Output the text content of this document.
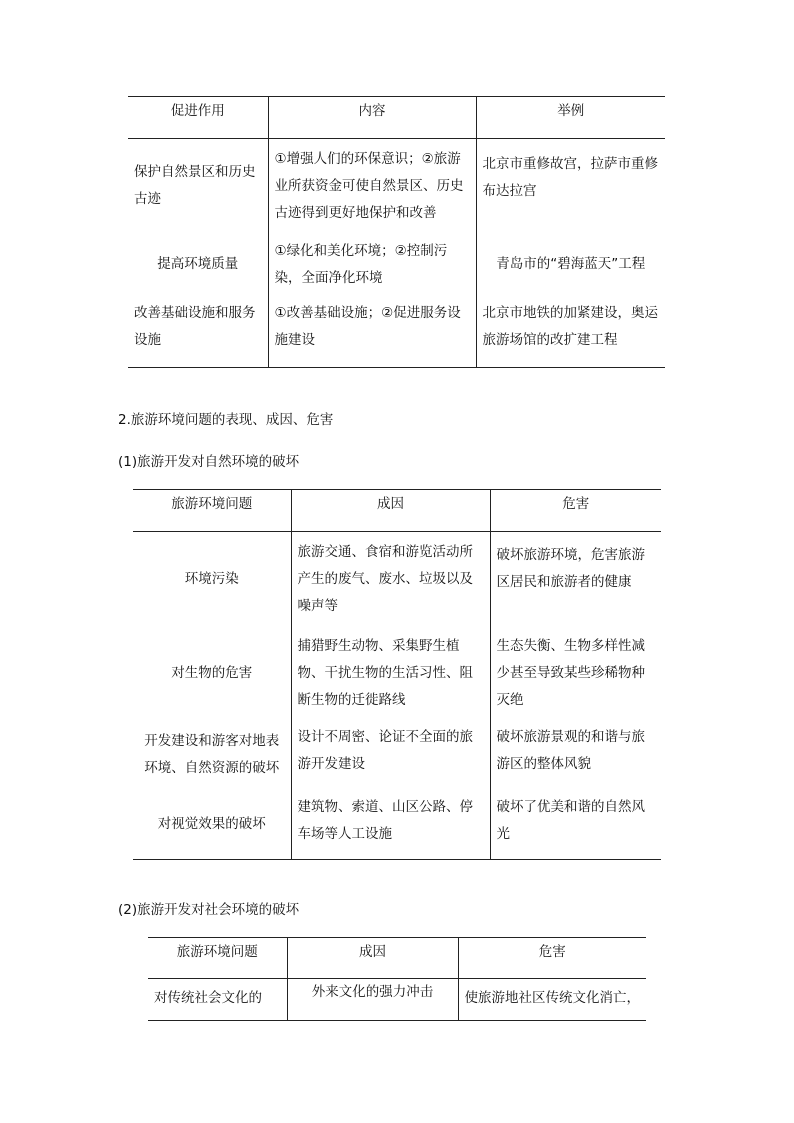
促进作用	内容	举例
保护自然景区和历史古迹	①增强人们的环保意识；②旅游业所获资金可使自然景区、历史古迹得到更好地保护和改善	北京市重修故宫，拉萨市重修布达拉宫
提高环境质量	①绿化和美化环境；②控制污染，全面净化环境	青岛市的“碧海蓝天”工程
改善基础设施和服务设施	①改善基础设施；②促进服务设施建设	北京市地铁的加紧建设，奥运旅游场馆的改扩建工程
2.旅游环境问题的表现、成因、危害
(1)旅游开发对自然环境的破坏
旅游环境问题	成因	危害
环境污染	旅游交通、食宿和游览活动所产生的废气、废水、垃圾以及噪声等	破坏旅游环境，危害旅游区居民和旅游者的健康
对生物的危害	捕猎野生动物、采集野生植物、干扰生物的生活习性、阻断生物的迁徙路线	生态失衡、生物多样性减少甚至导致某些珍稀物种灭绝
开发建设和游客对地表环境、自然资源的破坏	设计不周密、论证不全面的旅游开发建设	破坏旅游景观的和谐与旅游区的整体风貌
对视觉效果的破坏	建筑物、索道、山区公路、停车场等人工设施	破坏了优美和谐的自然风光
(2)旅游开发对社会环境的破坏
旅游环境问题	成因	危害
对传统社会文化的	外来文化的强力冲击	使旅游地社区传统文化消亡，
